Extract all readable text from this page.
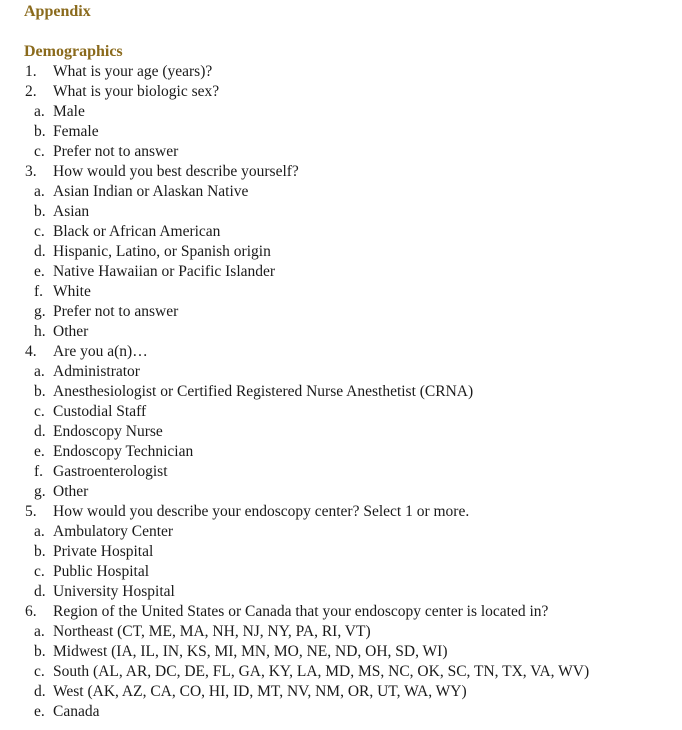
Appendix
Demographics
1. What is your age (years)?
2. What is your biologic sex?
a. Male
b. Female
c. Prefer not to answer
3. How would you best describe yourself?
a. Asian Indian or Alaskan Native
b. Asian
c. Black or African American
d. Hispanic, Latino, or Spanish origin
e. Native Hawaiian or Pacific Islander
f. White
g. Prefer not to answer
h. Other
4. Are you a(n)…
a. Administrator
b. Anesthesiologist or Certified Registered Nurse Anesthetist (CRNA)
c. Custodial Staff
d. Endoscopy Nurse
e. Endoscopy Technician
f. Gastroenterologist
g. Other
5. How would you describe your endoscopy center? Select 1 or more.
a. Ambulatory Center
b. Private Hospital
c. Public Hospital
d. University Hospital
6. Region of the United States or Canada that your endoscopy center is located in?
a. Northeast (CT, ME, MA, NH, NJ, NY, PA, RI, VT)
b. Midwest (IA, IL, IN, KS, MI, MN, MO, NE, ND, OH, SD, WI)
c. South (AL, AR, DC, DE, FL, GA, KY, LA, MD, MS, NC, OK, SC, TN, TX, VA, WV)
d. West (AK, AZ, CA, CO, HI, ID, MT, NV, NM, OR, UT, WA, WY)
e. Canada
